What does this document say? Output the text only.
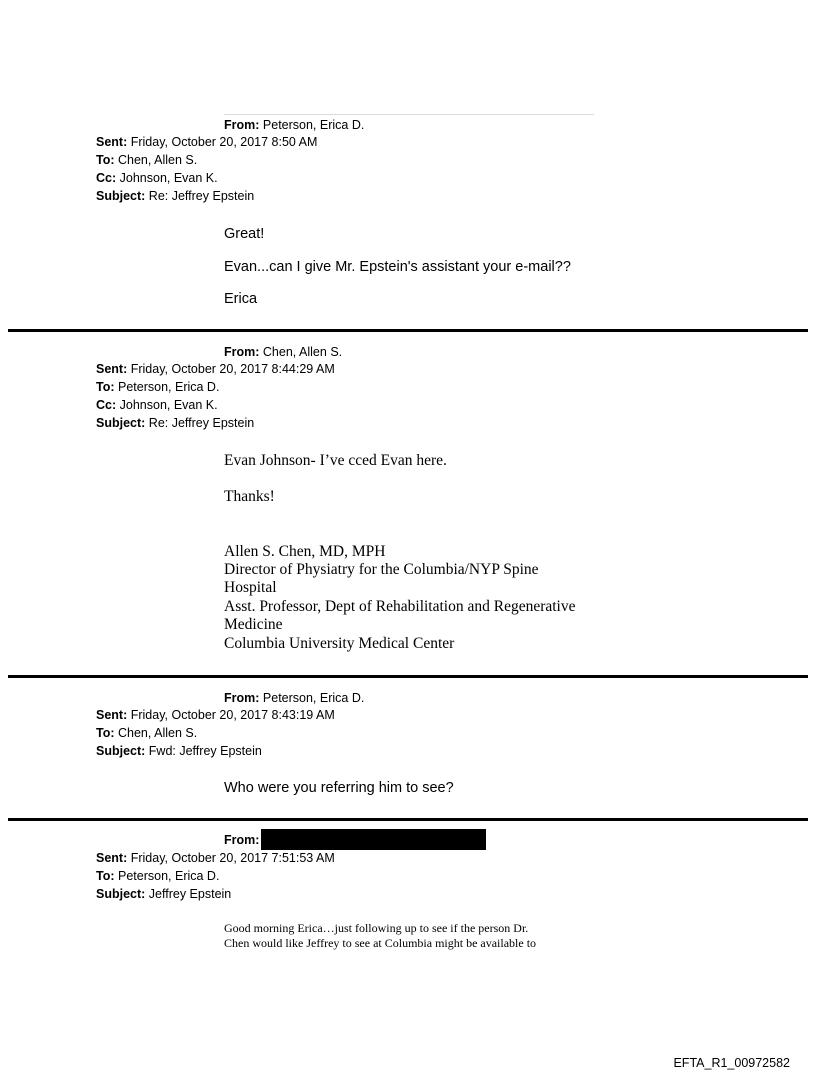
From: Peterson, Erica D.
Sent: Friday, October 20, 2017 8:50 AM
To: Chen, Allen S.
Cc: Johnson, Evan K.
Subject: Re: Jeffrey Epstein
Great!
Evan...can I give Mr. Epstein's assistant your e-mail??
Erica
From: Chen, Allen S.
Sent: Friday, October 20, 2017 8:44:29 AM
To: Peterson, Erica D.
Cc: Johnson, Evan K.
Subject: Re: Jeffrey Epstein
Evan Johnson- I’ve cced Evan here.
Thanks!
Allen S. Chen, MD, MPH
Director of Physiatry for the Columbia/NYP Spine
Hospital
Asst. Professor, Dept of Rehabilitation and Regenerative
Medicine
Columbia University Medical Center
From: Peterson, Erica D.
Sent: Friday, October 20, 2017 8:43:19 AM
To: Chen, Allen S.
Subject: Fwd: Jeffrey Epstein
Who were you referring him to see?
From:
Sent: Friday, October 20, 2017 7:51:53 AM
To: Peterson, Erica D.
Subject: Jeffrey Epstein
Good morning Erica…just following up to see if the person Dr.
Chen would like Jeffrey to see at Columbia might be available to
EFTA_R1_00972582
